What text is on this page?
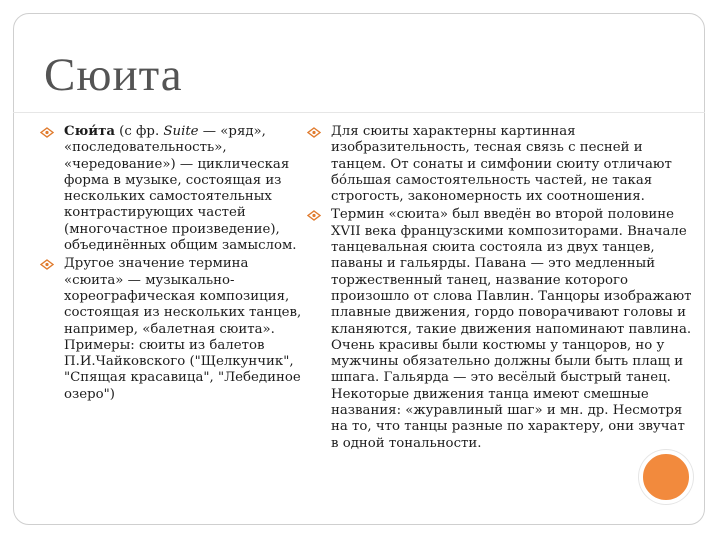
Сюита

Сюи́та (с фр. Suite — «ряд», «последовательность», «чередование») — циклическая форма в музыке, состоящая из нескольких самостоятельных контрастирующих частей (многочастное произведение), объединённых общим замыслом.

Другое значение термина «сюита» — музыкально-хореографическая композиция, состоящая из нескольких танцев, например, «балетная сюита». Примеры: сюиты из балетов П.И.Чайковского ("Щелкунчик", "Спящая красавица", "Лебединое озеро")

Для сюиты характерны картинная изобразительность, тесная связь с песней и танцем. От сонаты и симфонии сюиту отличают бо́льшая самостоятельность частей, не такая строгость, закономерность их соотношения.

Термин «сюита» был введён во второй половине XVII века французскими композиторами. Вначале танцевальная сюита состояла из двух танцев, паваны и гальярды. Павана — это медленный торжественный танец, название которого произошло от слова Павлин. Танцоры изображают плавные движения, гордо поворачивают головы и кланяются, такие движения напоминают павлина. Очень красивы были костюмы у танцоров, но у мужчины обязательно должны были быть плащ и шпага. Гальярда — это весёлый быстрый танец. Некоторые движения танца имеют смешные названия: «журавлиный шаг» и мн. др. Несмотря на то, что танцы разные по характеру, они звучат в одной тональности.
